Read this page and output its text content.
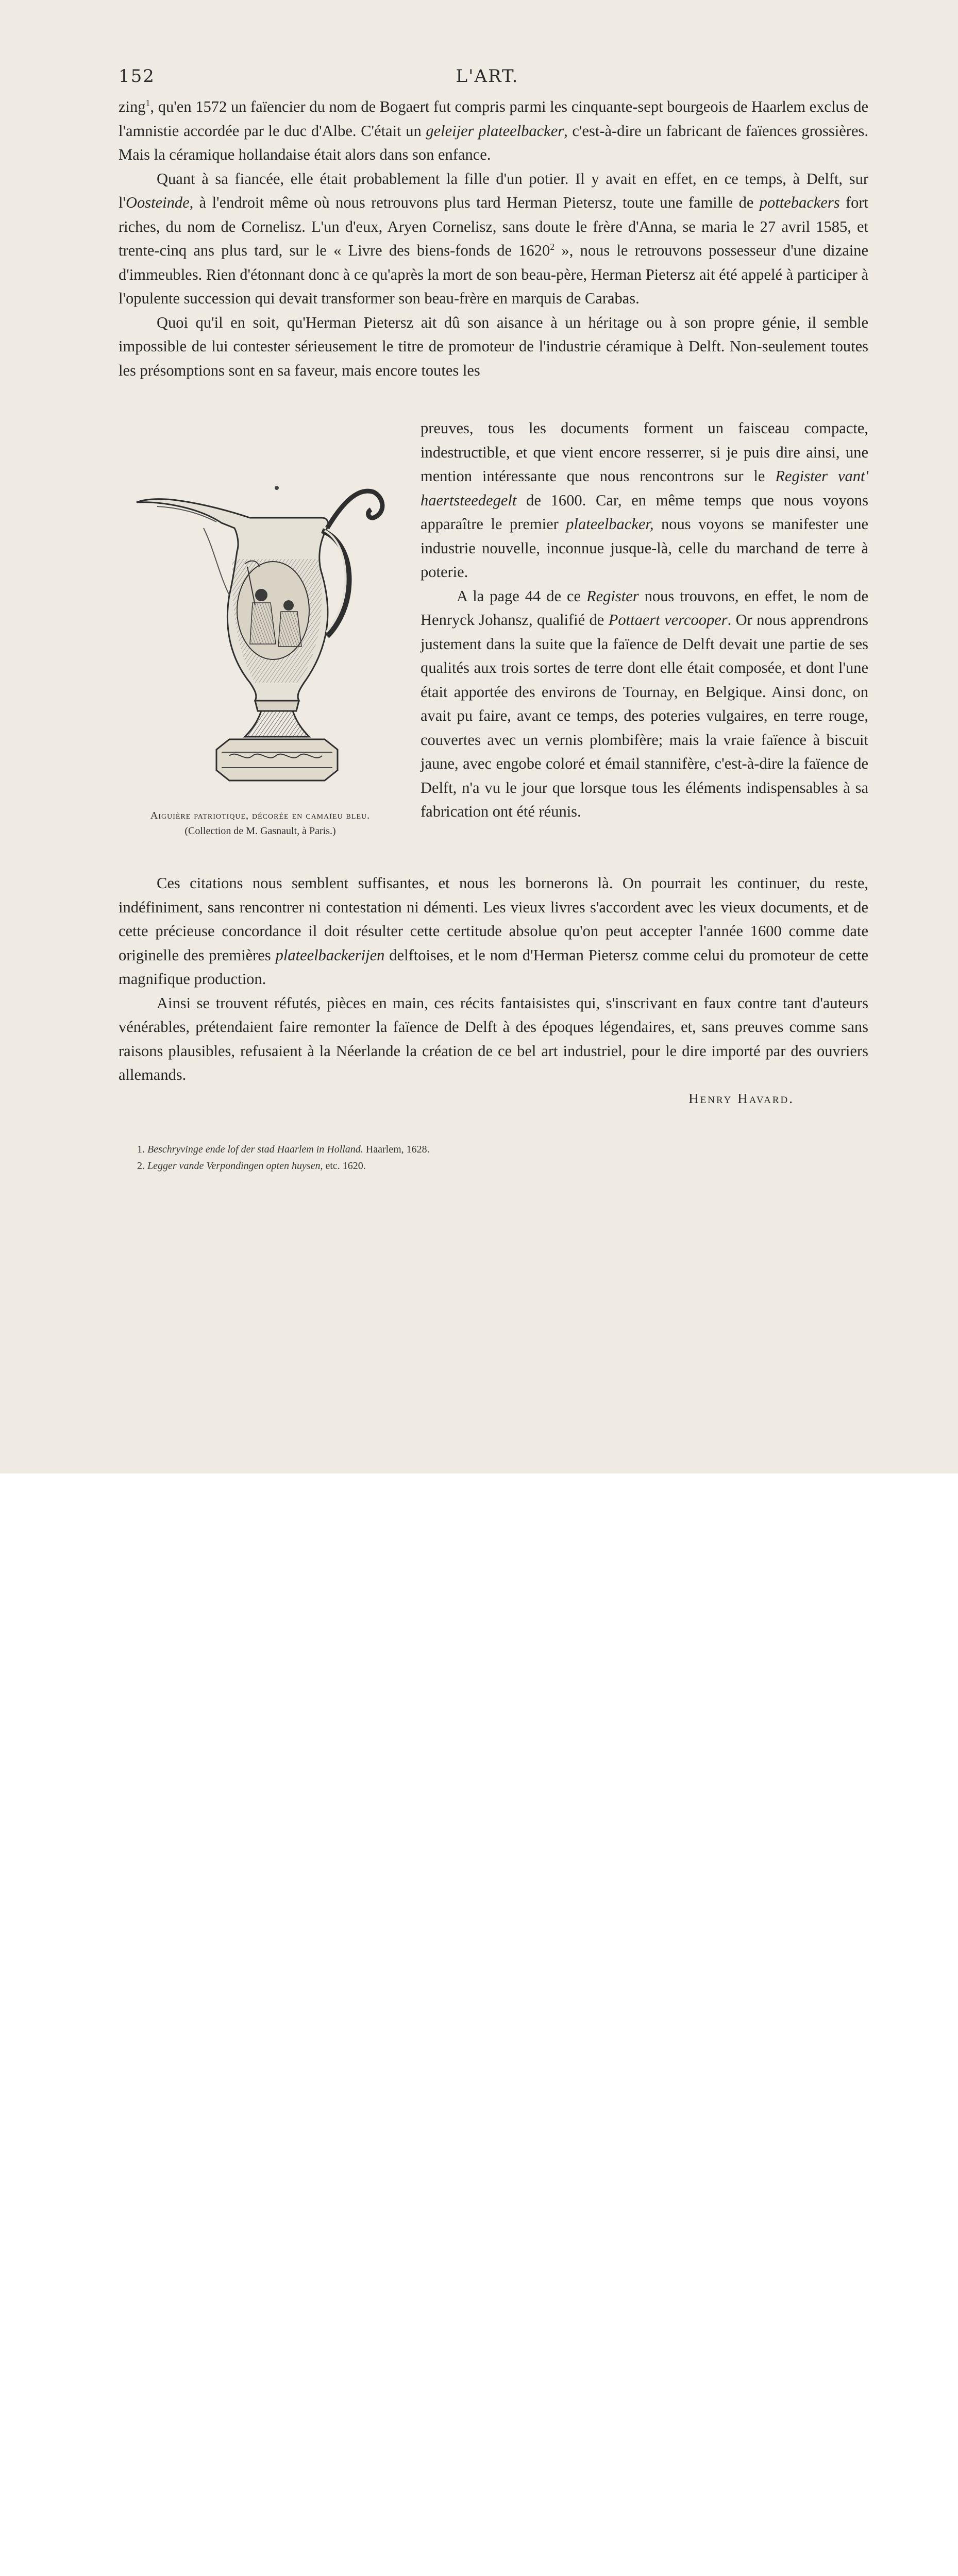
152	L'ART.

zing$^1$, qu'en 1572 un faïencier du nom de Bogaert fut compris parmi les cinquante-sept bourgeois de Haarlem exclus de l'amnistie accordée par le duc d'Albe. C'était un geleijer plateelbacker, c'est-à-dire un fabricant de faïences grossières. Mais la céramique hollandaise était alors dans son enfance.

Quant à sa fiancée, elle était probablement la fille d'un potier. Il y avait en effet, en ce temps, à Delft, sur l'Oosteinde, à l'endroit même où nous retrouvons plus tard Herman Pietersz, toute une famille de pottebackers fort riches, du nom de Cornelisz. L'un d'eux, Aryen Cornelisz, sans doute le frère d'Anna, se maria le 27 avril 1585, et trente-cinq ans plus tard, sur le « Livre des biens-fonds de 1620$^2$ », nous le retrouvons possesseur d'une dizaine d'immeubles. Rien d'étonnant donc à ce qu'après la mort de son beau-père, Herman Pietersz ait été appelé à participer à l'opulente succession qui devait transformer son beau-frère en marquis de Carabas.

Quoi qu'il en soit, qu'Herman Pietersz ait dû son aisance à un héritage ou à son propre génie, il semble impossible de lui contester sérieusement le titre de promoteur de l'industrie céramique à Delft. Non-seulement toutes les présomptions sont en sa faveur, mais encore toutes les

preuves, tous les documents forment un faisceau compacte, indestructible, et que vient encore resserrer, si je puis dire ainsi, une mention intéressante que nous rencontrons sur le Register vant' haertsteedegelt de 1600. Car, en même temps que nous voyons apparaître le premier plateelbacker, nous voyons se manifester une industrie nouvelle, inconnue jusque-là, celle du marchand de terre à poterie.

A la page 44 de ce Register nous trouvons, en effet, le nom de Henryck Johansz, qualifié de Pottaert vercooper. Or nous apprendrons justement dans la suite que la faïence de Delft devait une partie de ses qualités aux trois sortes de terre dont elle était composée, et dont l'une était apportée des environs de Tournay, en Belgique. Ainsi donc, on avait pu faire, avant ce temps, des poteries vulgaires, en terre rouge, couvertes avec un vernis plombifère; mais la vraie faïence à biscuit jaune, avec engobe coloré et émail stannifère, c'est-à-dire la faïence de Delft, n'a vu le jour que lorsque tous les éléments indispensables à sa fabrication ont été réunis.

Aiguière patriotique, décorée en camaïeu bleu.
(Collection de M. Gasnault, à Paris.)

Ces citations nous semblent suffisantes, et nous les bornerons là. On pourrait les continuer, du reste, indéfiniment, sans rencontrer ni contestation ni démenti. Les vieux livres s'accordent avec les vieux documents, et de cette précieuse concordance il doit résulter cette certitude absolue qu'on peut accepter l'année 1600 comme date originelle des premières plateelbackerijen delftoises, et le nom d'Herman Pietersz comme celui du promoteur de cette magnifique production.

Ainsi se trouvent réfutés, pièces en main, ces récits fantaisistes qui, s'inscrivant en faux contre tant d'auteurs vénérables, prétendaient faire remonter la faïence de Delft à des époques légendaires, et, sans preuves comme sans raisons plausibles, refusaient à la Néerlande la création de ce bel art industriel, pour le dire importé par des ouvriers allemands.

Henry Havard.
1. Beschryvinge ende lof der stad Haarlem in Holland. Haarlem, 1628.
2. Legger vande Verpondingen opten huysen, etc. 1620.
